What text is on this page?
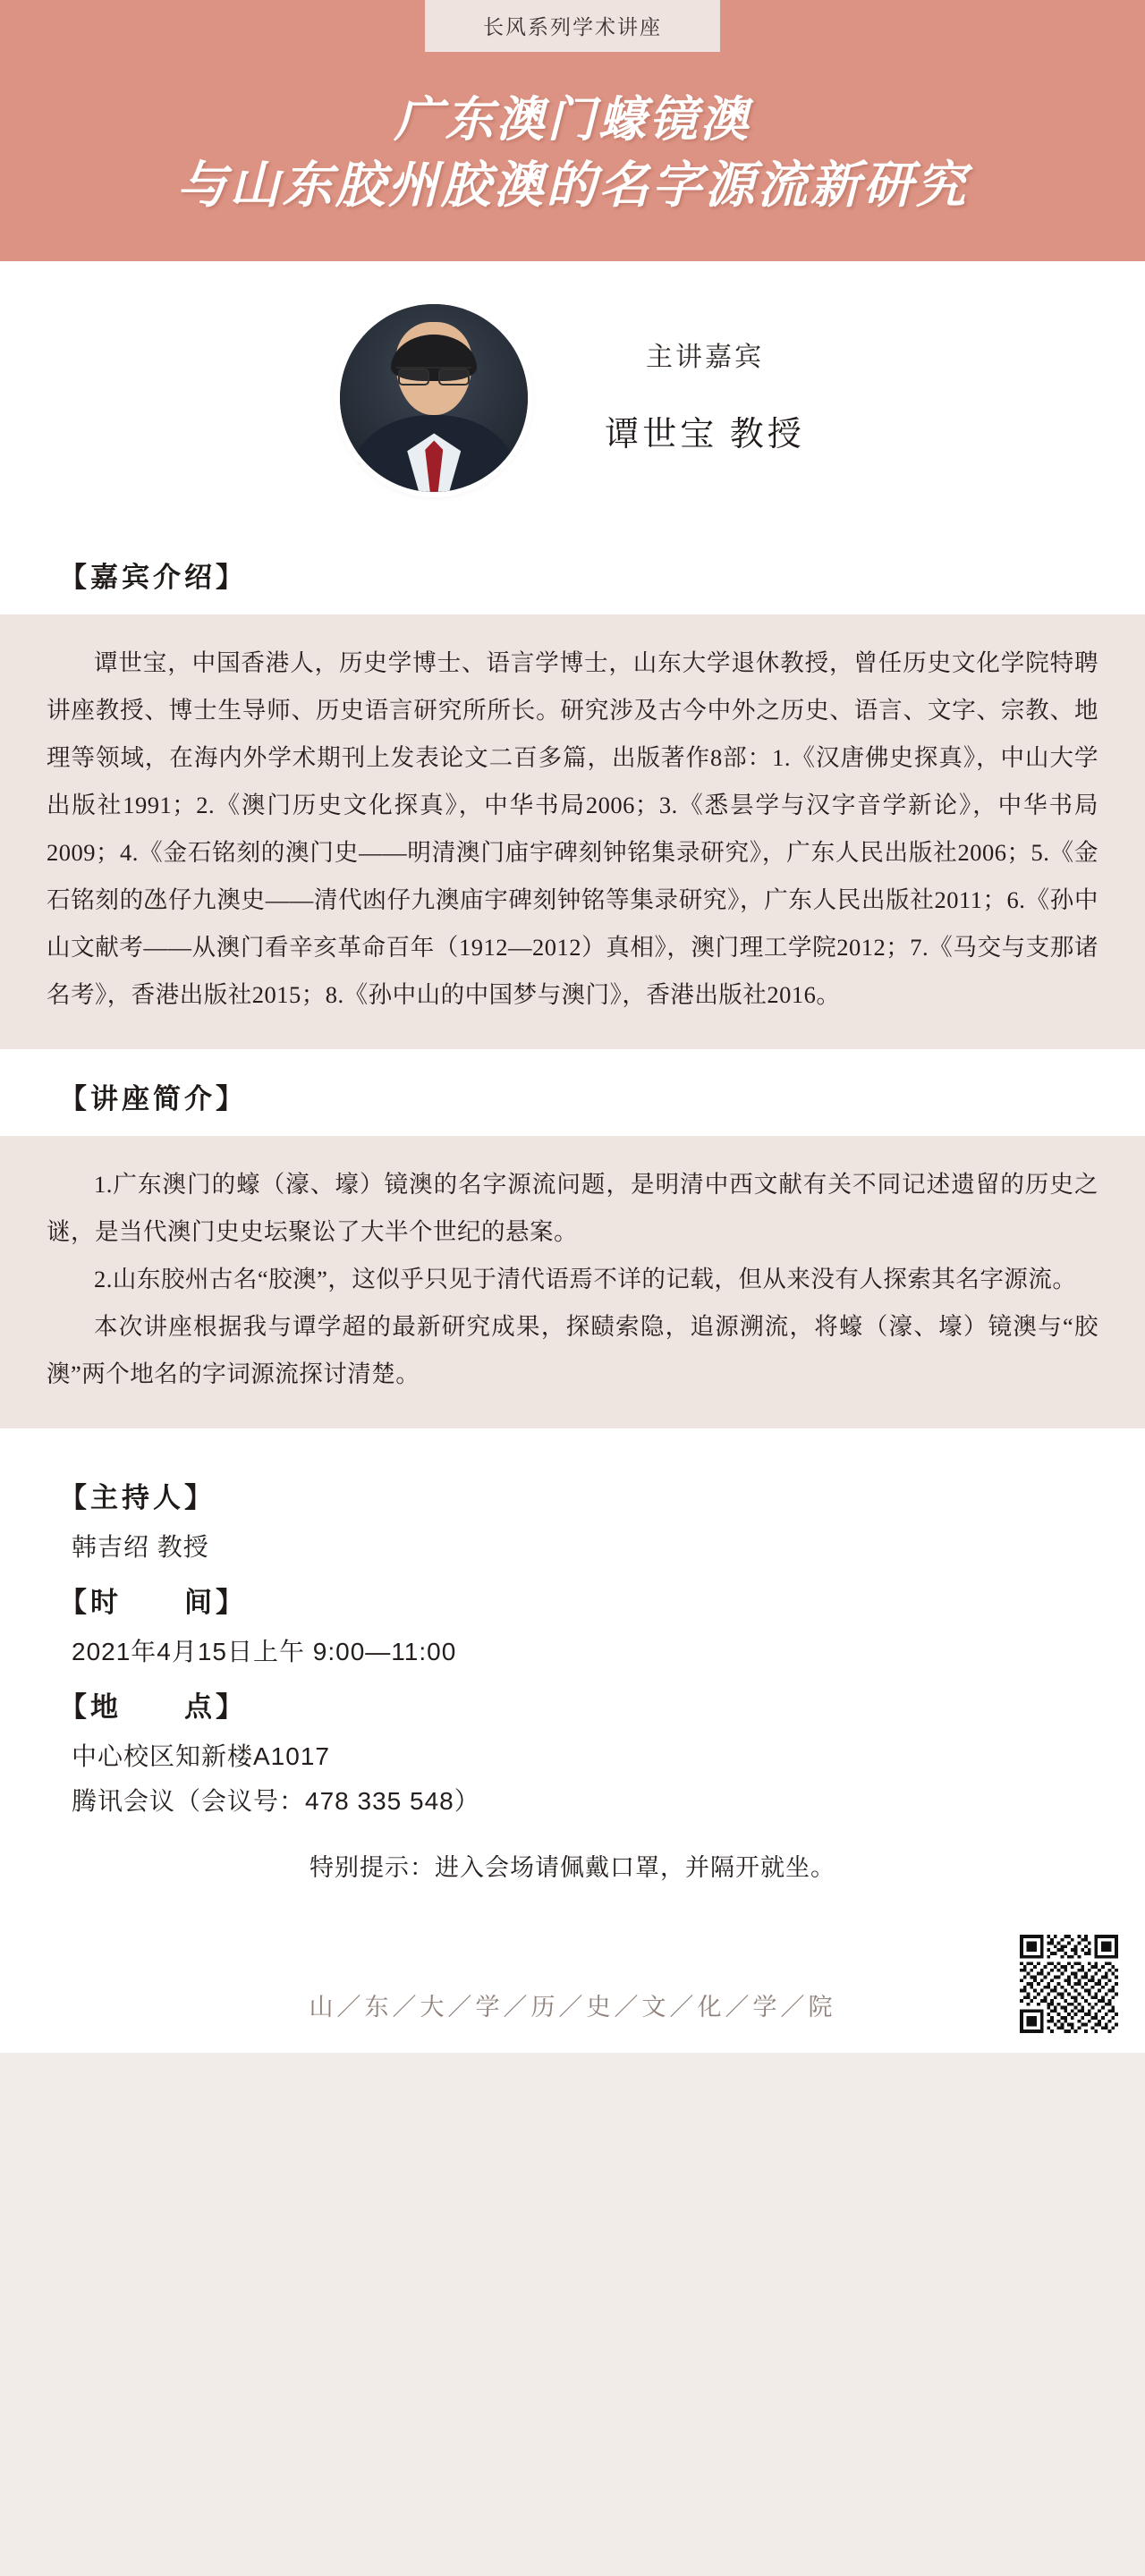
长风系列学术讲座
广东澳门蠔镜澳
与山东胶州胶澳的名字源流新研究
主讲嘉宾
谭世宝 教授
【嘉宾介绍】

谭世宝，中国香港人，历史学博士、语言学博士，山东大学退休教授，曾任历史文化学院特聘讲座教授、博士生导师、历史语言研究所所长。研究涉及古今中外之历史、语言、文字、宗教、地理等领域，在海内外学术期刊上发表论文二百多篇，出版著作8部：1.《汉唐佛史探真》，中山大学出版社1991；2.《澳门历史文化探真》，中华书局2006；3.《悉昙学与汉字音学新论》，中华书局2009；4.《金石铭刻的澳门史——明清澳门庙宇碑刻钟铭集录研究》，广东人民出版社2006；5.《金石铭刻的氹仔九澳史——清代凼仔九澳庙宇碑刻钟铭等集录研究》，广东人民出版社2011；6.《孙中山文献考——从澳门看辛亥革命百年（1912—2012）真相》，澳门理工学院2012；7.《马交与支那诸名考》，香港出版社2015；8.《孙中山的中国梦与澳门》，香港出版社2016。

【讲座简介】

1.广东澳门的蠔（濠、壕）镜澳的名字源流问题，是明清中西文献有关不同记述遗留的历史之谜，是当代澳门史史坛聚讼了大半个世纪的悬案。

2.山东胶州古名“胶澳”，这似乎只见于清代语焉不详的记载，但从来没有人探索其名字源流。

本次讲座根据我与谭学超的最新研究成果，探赜索隐，追源溯流，将蠔（濠、壕）镜澳与“胶澳”两个地名的字词源流探讨清楚。

【主持人】
韩吉绍 教授
【时　　间】
2021年4月15日上午 9:00—11:00
【地　　点】
中心校区知新楼A1017
腾讯会议（会议号：478 335 548）
特别提示：进入会场请佩戴口罩，并隔开就坐。
山／东／大／学／历／史／文／化／学／院
